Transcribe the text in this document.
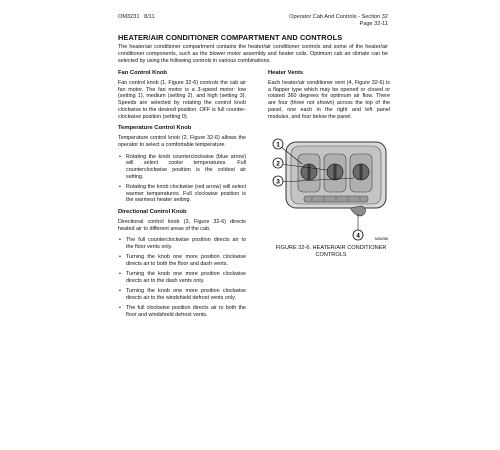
OM3231 8/11	Operator Cab And Controls - Section 32
Page 32-11
HEATER/AIR CONDITIONER COMPARTMENT AND CONTROLS

The heater/air conditioner compartment contains the heater/air conditioner controls and some of the heater/air conditioner components, such as the blower motor assembly and heater coils. Optimum cab air climate can be selected by using the following controls in various combinations.

Fan Control Knob

Fan control knob (1, Figure 32-6) controls the cab air fan motor. The fan motor is a 3-speed motor: low (setting 1), medium (setting 2), and high (setting 3). Speeds are selected by rotating the control knob clockwise to the desired position. OFF is full counter-clockwise position (setting 0).

Temperature Control Knob

Temperature control knob (2, Figure 32-6) allows the operator to select a comfortable temperature.

• Rotating the knob counterclockwise (blue arrow) will select cooler temperatures. Full counterclockwise position is the coldest air setting.
• Rotating the knob clockwise (red arrow) will select warmer temperatures. Full clockwise position is the warmest heater setting.
Directional Control Knob

Directional control knob (3, Figure 32-6) directs heated air to different areas of the cab.

• The full counterclockwise position directs air to the floor vents only.
• Turning the knob one more position clockwise directs air to both the floor and dash vents.
• Turning the knob one more position clockwise directs air to the dash vents only.
• Turning the knob one more position clockwise directs air to the windshield defrost vents only.
• The full clockwise position directs air to both the floor and windshield defrost vents.
Heater Vents

Each heater/air conditioner vent (4, Figure 32-6) is a flapper type which may be opened or closed or rotated 360 degrees for optimum air flow. There are four (three not shown) across the top of the panel, one each in the right and left panel modules, and four below the panel.

1
2
3
4	M05285
FIGURE 32-6. HEATER/AIR CONDITIONER CONTROLS
